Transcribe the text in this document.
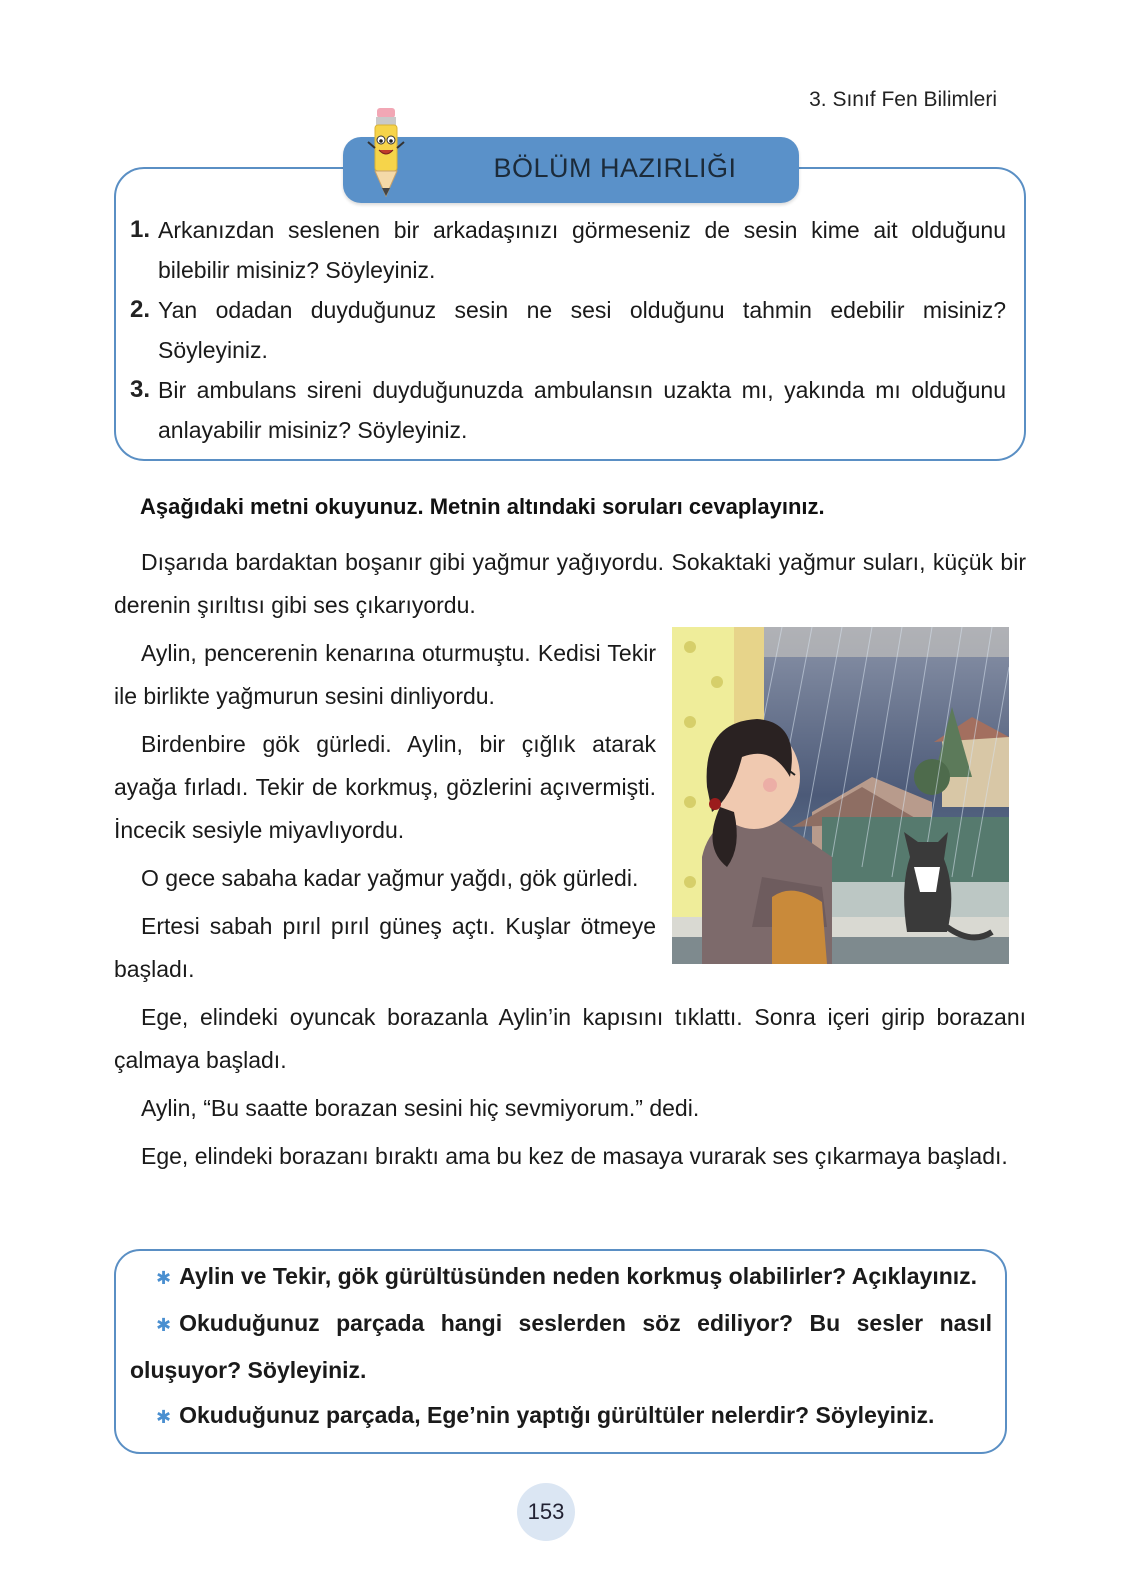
3. Sınıf Fen Bilimleri
BÖLÜM HAZIRLIĞI
1. Arkanızdan seslenen bir arkadaşınızı görmeseniz de sesin kime ait olduğunu bilebilir misiniz? Söyleyiniz.
2. Yan odadan duyduğunuz sesin ne sesi olduğunu tahmin edebilir misiniz? Söyleyiniz.
3. Bir ambulans sireni duyduğunuzda ambulansın uzakta mı, yakında mı olduğunu anlayabilir misiniz? Söyleyiniz.
Aşağıdaki metni okuyunuz. Metnin altındaki soruları cevaplayınız.

Dışarıda bardaktan boşanır gibi yağmur yağıyordu. Sokaktaki yağmur suları, küçük bir derenin şırıltısı gibi ses çıkarıyordu.

Aylin, pencerenin kenarına oturmuştu. Kedisi Tekir ile birlikte yağmurun sesini dinliyordu.

Birdenbire gök gürledi. Aylin, bir çığlık atarak ayağa fırladı. Tekir de korkmuş, gözlerini açıvermişti. İncecik sesiyle miyavlıyordu.

O gece sabaha kadar yağmur yağdı, gök gürledi.

Ertesi sabah pırıl pırıl güneş açtı. Kuşlar ötmeye başladı.

Ege, elindeki oyuncak borazanla Aylin’in kapısını tıklattı. Sonra içeri girip borazanı çalmaya başladı.

Aylin, “Bu saatte borazan sesini hiç sevmiyorum.” dedi.

Ege, elindeki borazanı bıraktı ama bu kez de masaya vurarak ses çıkarmaya başladı.

✱ Aylin ve Tekir, gök gürültüsünden neden korkmuş olabilirler? Açıklayınız.

✱ Okuduğunuz parçada hangi seslerden söz ediliyor? Bu sesler nasıl oluşuyor? Söyleyiniz.

✱ Okuduğunuz parçada, Ege’nin yaptığı gürültüler nelerdir? Söyleyiniz.

153
